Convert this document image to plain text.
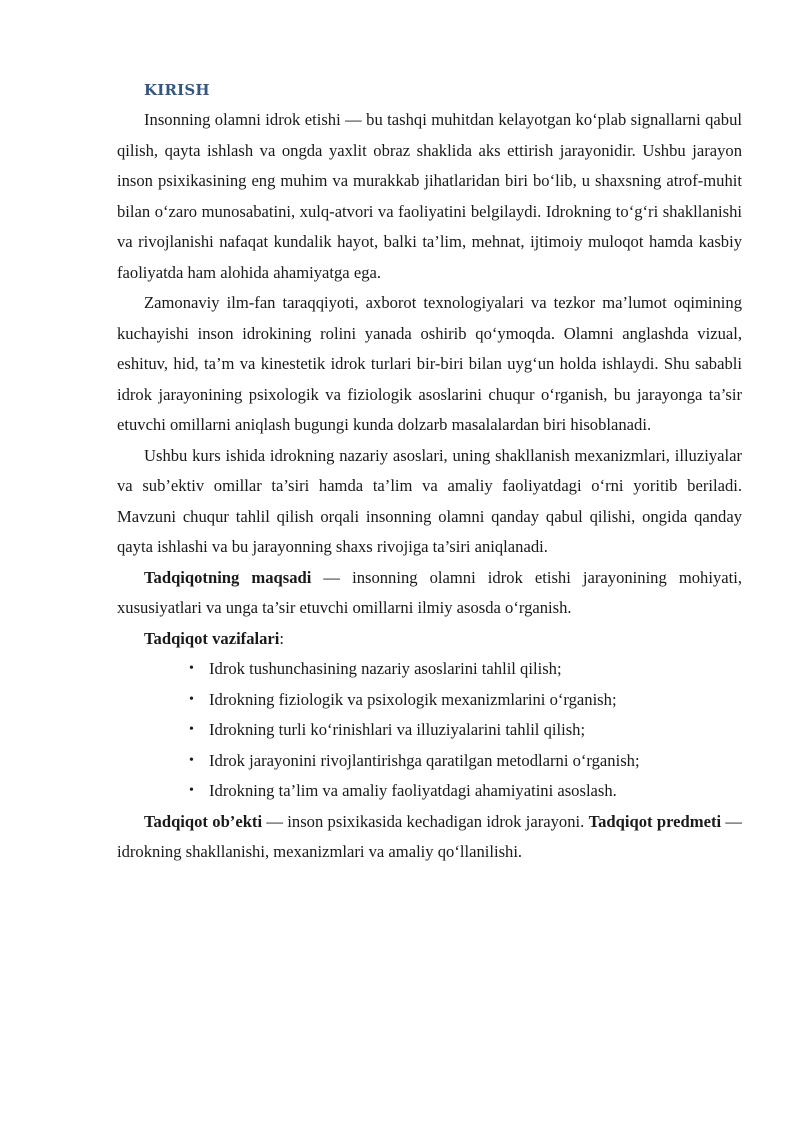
KIRISH

Insonning olamni idrok etishi — bu tashqi muhitdan kelayotgan ko‘plab signallarni qabul qilish, qayta ishlash va ongda yaxlit obraz shaklida aks ettirish jarayonidir. Ushbu jarayon inson psixikasining eng muhim va murakkab jihatlaridan biri bo‘lib, u shaxsning atrof-muhit bilan o‘zaro munosabatini, xulq-atvori va faoliyatini belgilaydi. Idrokning to‘g‘ri shakllanishi va rivojlanishi nafaqat kundalik hayot, balki ta’lim, mehnat, ijtimoiy muloqot hamda kasbiy faoliyatda ham alohida ahamiyatga ega.

Zamonaviy ilm-fan taraqqiyoti, axborot texnologiyalari va tezkor ma’lumot oqimining kuchayishi inson idrokining rolini yanada oshirib qo‘ymoqda. Olamni anglashda vizual, eshituv, hid, ta’m va kinestetik idrok turlari bir-biri bilan uyg‘un holda ishlaydi. Shu sababli idrok jarayonining psixologik va fiziologik asoslarini chuqur o‘rganish, bu jarayonga ta’sir etuvchi omillarni aniqlash bugungi kunda dolzarb masalalardan biri hisoblanadi.

Ushbu kurs ishida idrokning nazariy asoslari, uning shakllanish mexanizmlari, illuziyalar va sub’ektiv omillar ta’siri hamda ta’lim va amaliy faoliyatdagi o‘rni yoritib beriladi. Mavzuni chuqur tahlil qilish orqali insonning olamni qanday qabul qilishi, ongida qanday qayta ishlashi va bu jarayonning shaxs rivojiga ta’siri aniqlanadi.

Tadqiqotning maqsadi — insonning olamni idrok etishi jarayonining mohiyati, xususiyatlari va unga ta’sir etuvchi omillarni ilmiy asosda o‘rganish.

Tadqiqot vazifalari:
• Idrok tushunchasining nazariy asoslarini tahlil qilish;
• Idrokning fiziologik va psixologik mexanizmlarini o‘rganish;
• Idrokning turli ko‘rinishlari va illuziyalarini tahlil qilish;
• Idrok jarayonini rivojlantirishga qaratilgan metodlarni o‘rganish;
• Idrokning ta’lim va amaliy faoliyatdagi ahamiyatini asoslash.

Tadqiqot ob’ekti — inson psixikasida kechadigan idrok jarayoni. Tadqiqot predmeti — idrokning shakllanishi, mexanizmlari va amaliy qo‘llanilishi.
